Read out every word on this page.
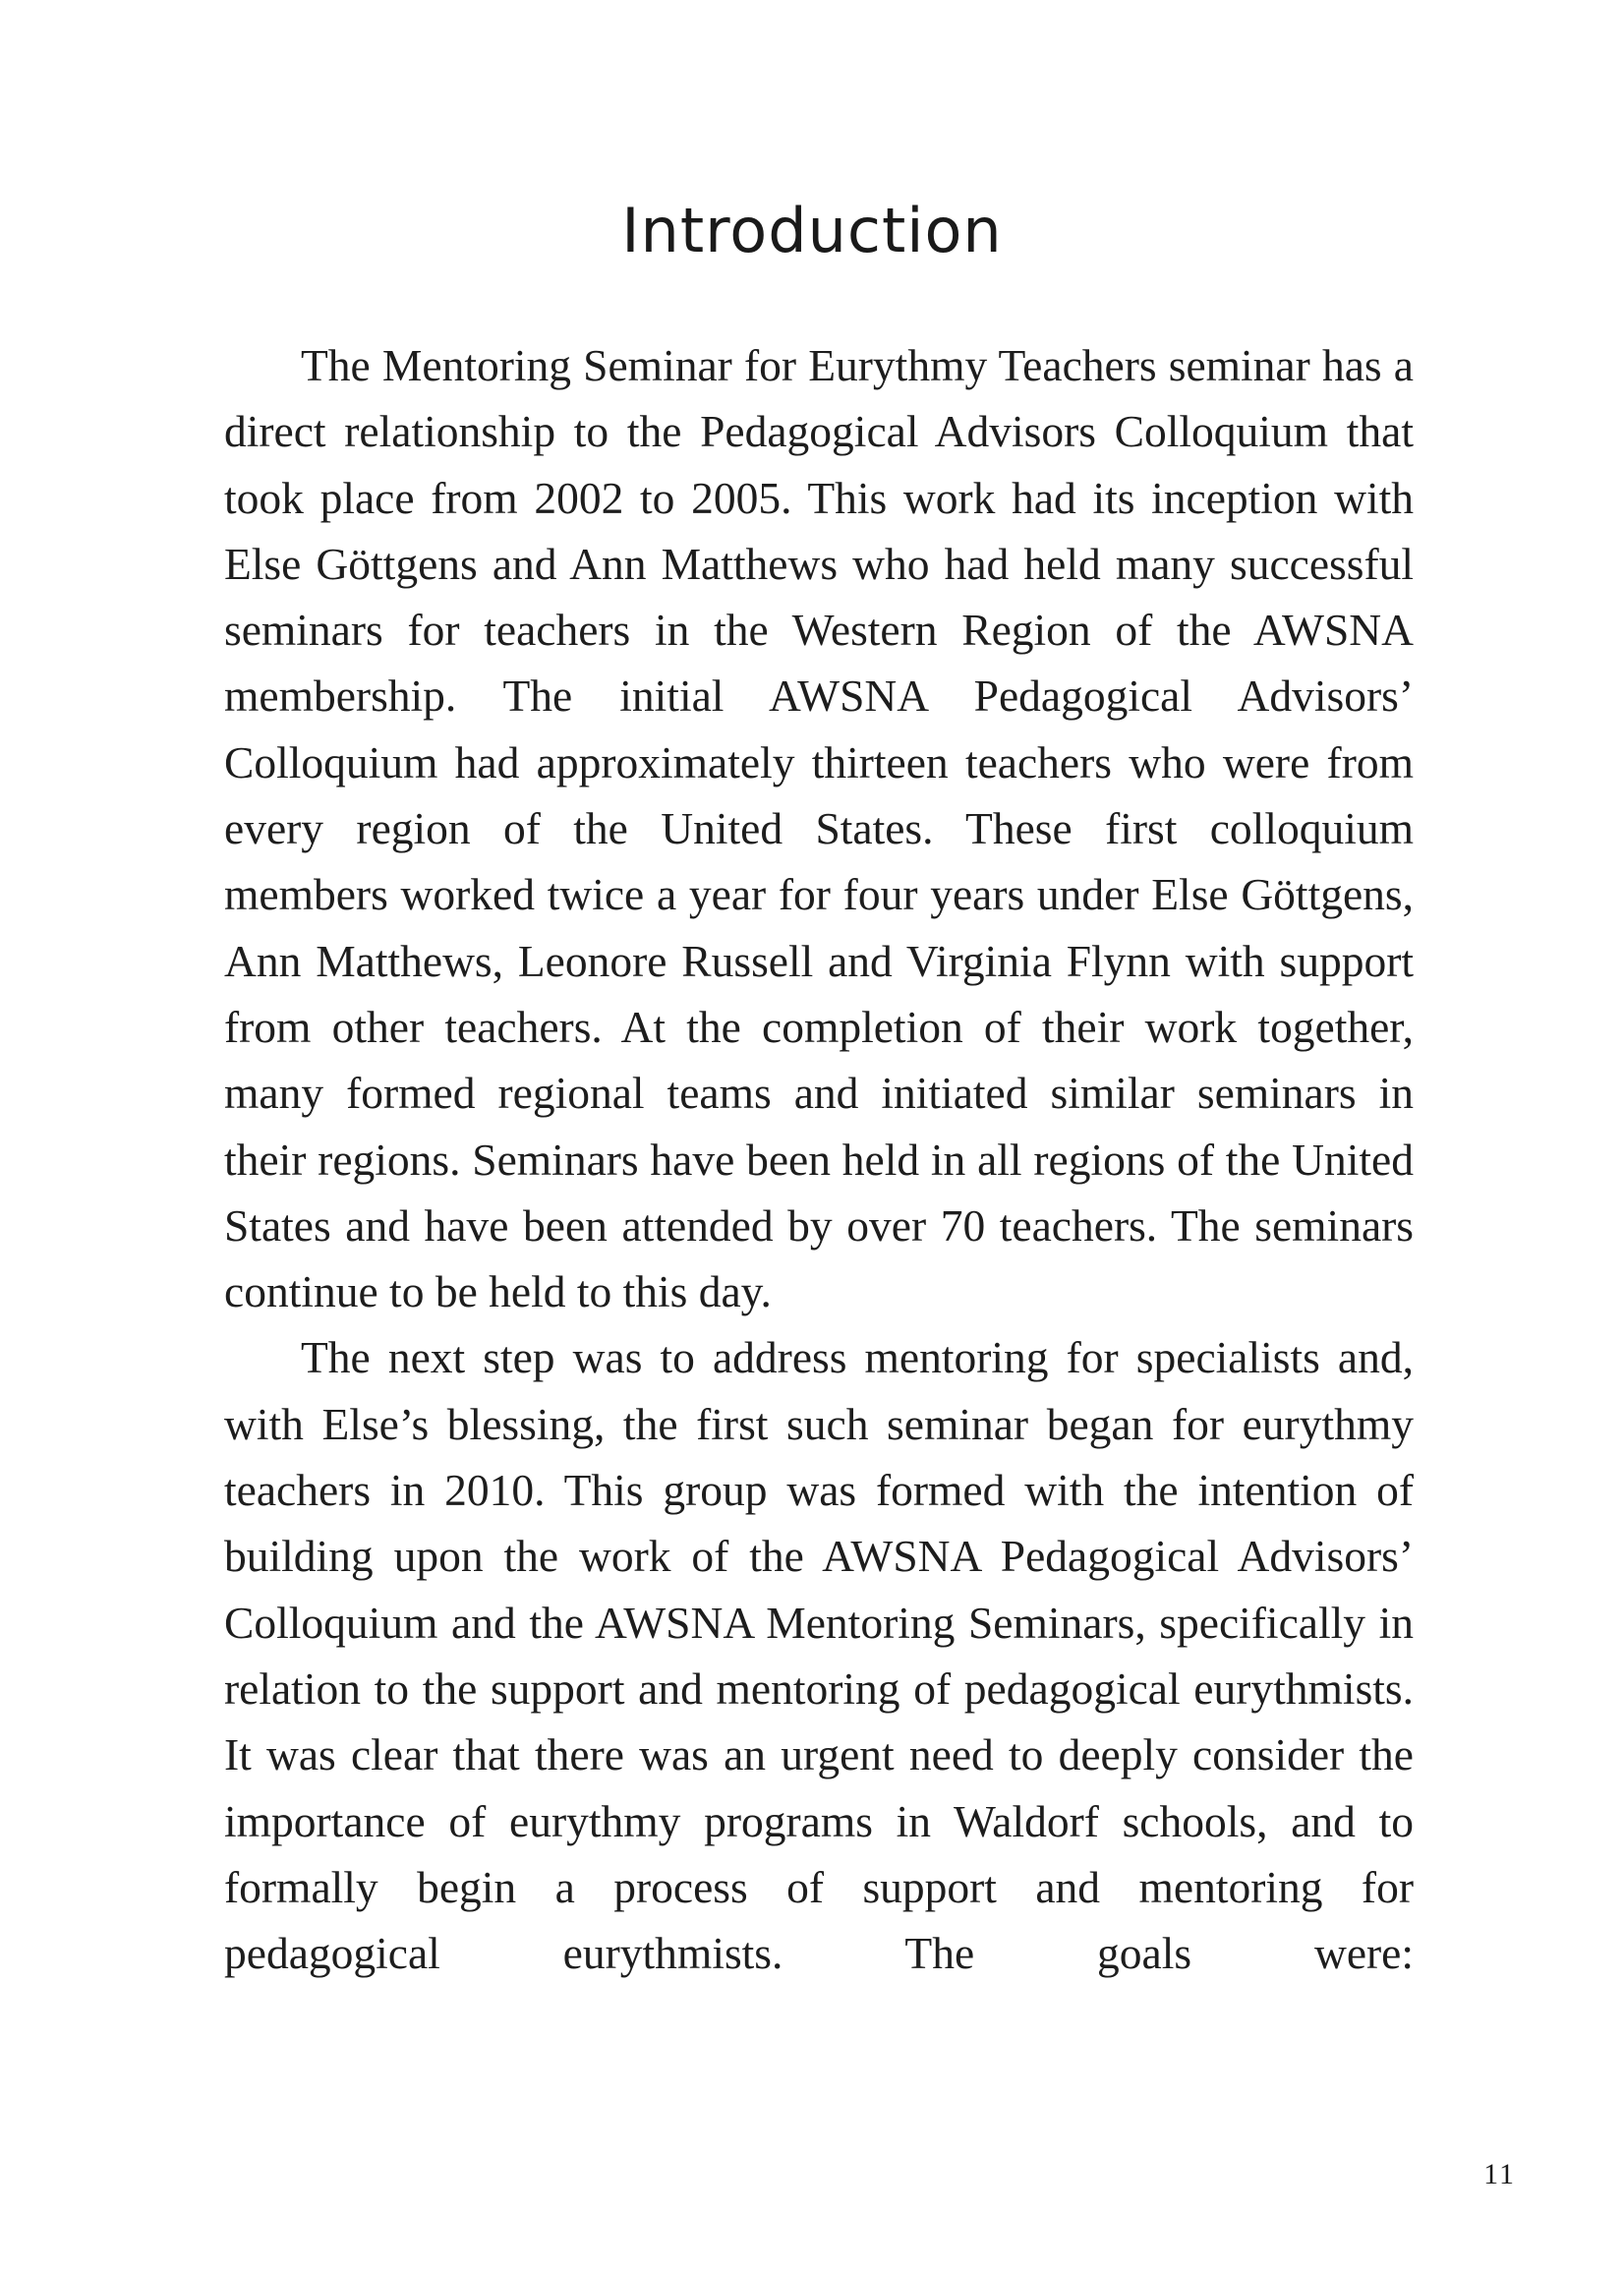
Introduction

The Mentoring Seminar for Eurythmy Teachers seminar has a direct relationship to the Pedagogical Advisors Colloquium that took place from 2002 to 2005. This work had its inception with Else Göttgens and Ann Matthews who had held many successful seminars for teachers in the Western Region of the AWSNA membership. The initial AWSNA Pedagogical Advisors’ Colloquium had approximately thirteen teachers who were from every region of the United States. These first colloquium members worked twice a year for four years under Else Göttgens, Ann Matthews, Leonore Russell and Virginia Flynn with support from other teachers. At the completion of their work together, many formed regional teams and initiated similar seminars in their regions. Seminars have been held in all regions of the United States and have been attended by over 70 teachers. The seminars continue to be held to this day.

The next step was to address mentoring for specialists and, with Else’s blessing, the first such seminar began for eurythmy teachers in 2010. This group was formed with the intention of building upon the work of the AWSNA Pedagogical Advisors’ Colloquium and the AWSNA Mentoring Seminars, specifically in relation to the support and mentoring of pedagogical eurythmists. It was clear that there was an urgent need to deeply consider the importance of eurythmy programs in Waldorf schools, and to formally begin a process of support and mentoring for pedagogical eurythmists. The goals were:

11
